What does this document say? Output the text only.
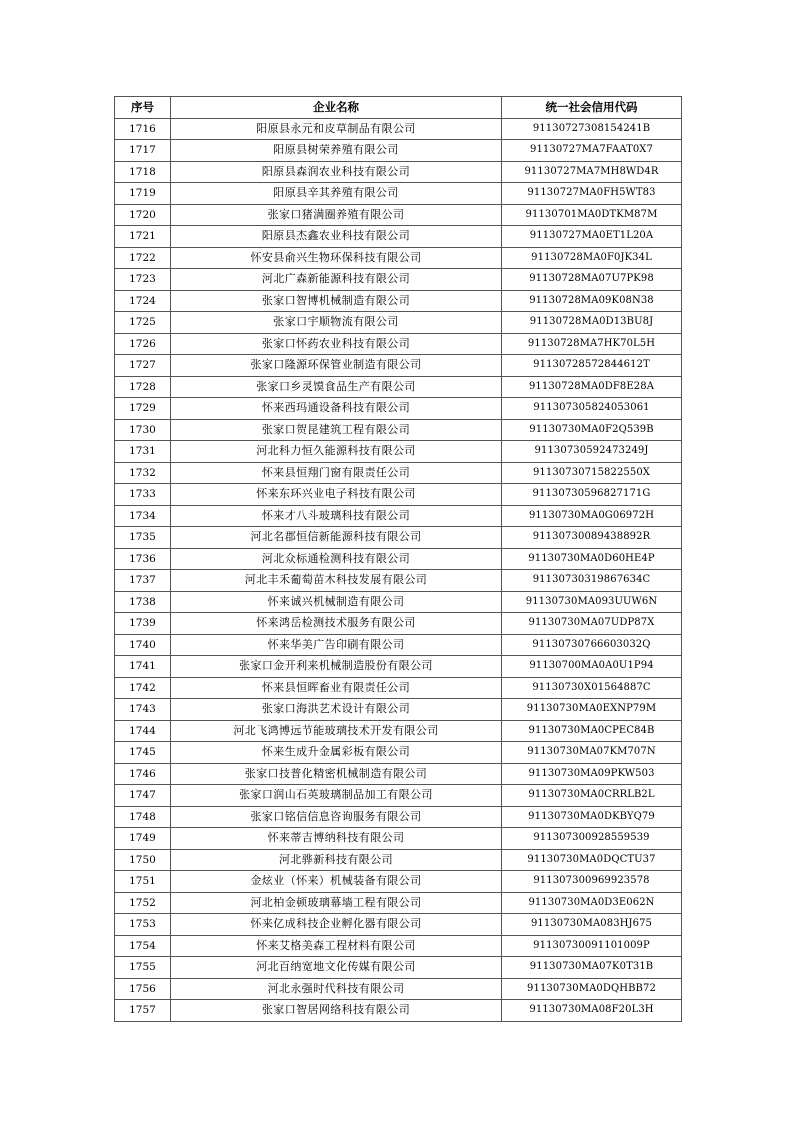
序号	企业名称	统一社会信用代码
1716	阳原县永元和皮草制品有限公司	91130727308154241B
1717	阳原县树荣养殖有限公司	91130727MA7FAAT0X7
1718	阳原县森润农业科技有限公司	91130727MA7MH8WD4R
1719	阳原县辛其养殖有限公司	91130727MA0FH5WT83
1720	张家口猪满圈养殖有限公司	91130701MA0DTKM87M
1721	阳原县杰鑫农业科技有限公司	91130727MA0ET1L20A
1722	怀安县俞兴生物环保科技有限公司	91130728MA0F0JK34L
1723	河北广森新能源科技有限公司	91130728MA07U7PK98
1724	张家口智博机械制造有限公司	91130728MA09K08N38
1725	张家口宇顺物流有限公司	91130728MA0D13BU8J
1726	张家口怀药农业科技有限公司	91130728MA7HK70L5H
1727	张家口隆源环保管业制造有限公司	91130728572844612T
1728	张家口乡灵馍食品生产有限公司	91130728MA0DF8E28A
1729	怀来西玛通设备科技有限公司	911307305824053061
1730	张家口贺昆建筑工程有限公司	91130730MA0F2Q539B
1731	河北科力恒久能源科技有限公司	91130730592473249J
1732	怀来县恒翔门窗有限责任公司	91130730715822550X
1733	怀来东环兴业电子科技有限公司	91130730596827171G
1734	怀来才八斗玻璃科技有限公司	91130730MA0G06972H
1735	河北名郡恒信新能源科技有限公司	91130730089438892R
1736	河北众标通检测科技有限公司	91130730MA0D60HE4P
1737	河北丰禾葡萄苗木科技发展有限公司	91130730319867634C
1738	怀来诚兴机械制造有限公司	91130730MA093UUW6N
1739	怀来鸿岳检测技术服务有限公司	91130730MA07UDP87X
1740	怀来华美广告印刷有限公司	91130730766603032Q
1741	张家口金开利来机械制造股份有限公司	91130700MA0A0U1P94
1742	怀来县恒晖畜业有限责任公司	91130730X01564887C
1743	张家口海洪艺术设计有限公司	91130730MA0EXNP79M
1744	河北飞鸿博远节能玻璃技术开发有限公司	91130730MA0CPEC84B
1745	怀来生成升金属彩板有限公司	91130730MA07KM707N
1746	张家口技普化精密机械制造有限公司	91130730MA09PKW503
1747	张家口润山石英玻璃制品加工有限公司	91130730MA0CRRLB2L
1748	张家口铭信信息咨询服务有限公司	91130730MA0DKBYQ79
1749	怀来蒂吉博纳科技有限公司	911307300928559539
1750	河北骅新科技有限公司	91130730MA0DQCTU37
1751	金炫业（怀来）机械装备有限公司	911307300969923578
1752	河北柏金顿玻璃幕墙工程有限公司	91130730MA0D3E062N
1753	怀来亿成科技企业孵化器有限公司	91130730MA083HJ675
1754	怀来艾格美森工程材料有限公司	91130730091101009P
1755	河北百纳宽地文化传媒有限公司	91130730MA07K0T31B
1756	河北永强时代科技有限公司	91130730MA0DQHBB72
1757	张家口智居网络科技有限公司	91130730MA08F20L3H
